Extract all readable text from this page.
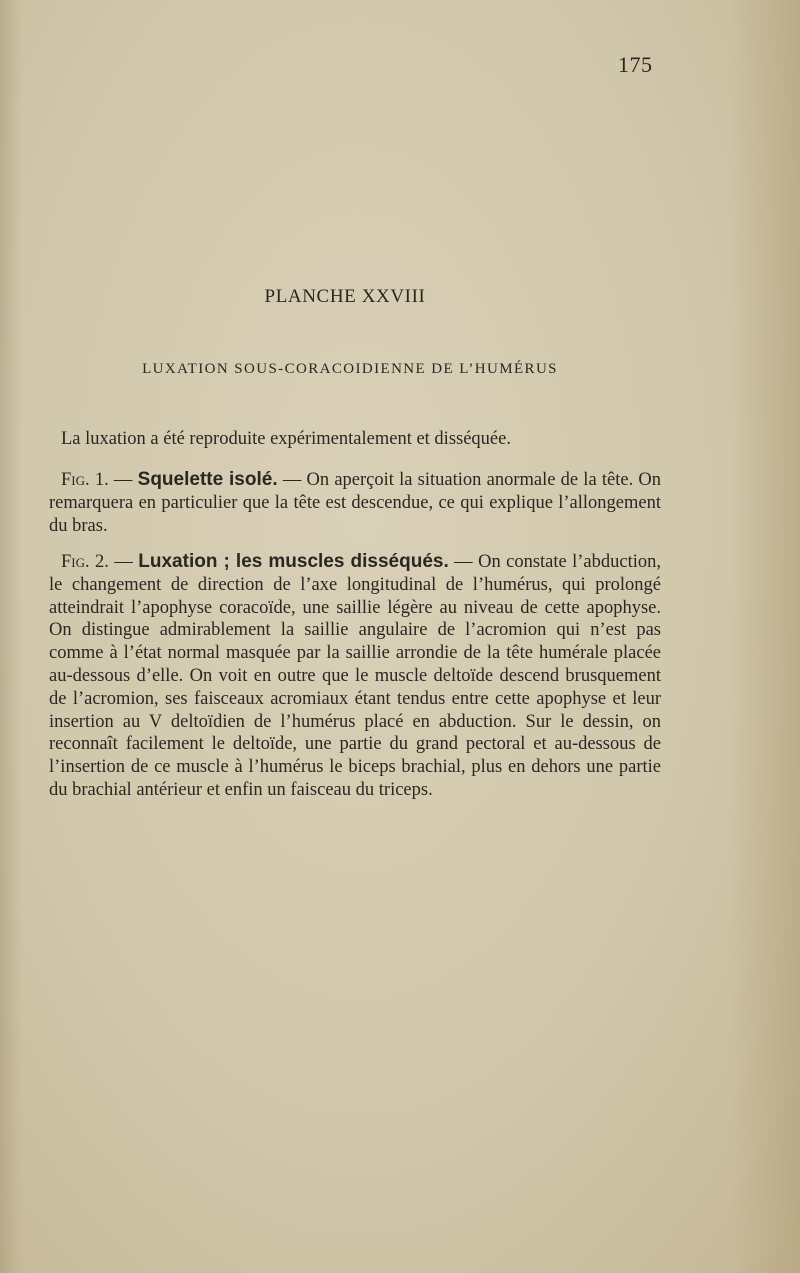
175
PLANCHE XXVIII
LUXATION SOUS-CORACOIDIENNE DE L’HUMÉRUS

La luxation a été reproduite expérimentalement et disséquée.

Fig. 1. — Squelette isolé. — On aperçoit la situation anormale de la tête. On remarquera en particulier que la tête est descendue, ce qui explique l’allongement du bras.

Fig. 2. — Luxation ; les muscles disséqués. — On constate l’abduction, le changement de direction de l’axe longitudinal de l’humérus, qui prolongé atteindrait l’apophyse coracoïde, une saillie légère au niveau de cette apophyse. On distingue admirablement la saillie angulaire de l’acromion qui n’est pas comme à l’état normal masquée par la saillie arrondie de la tête humérale placée au-dessous d’elle. On voit en outre que le muscle deltoïde descend brusquement de l’acromion, ses faisceaux acromiaux étant tendus entre cette apophyse et leur insertion au V deltoïdien de l’humérus placé en abduction. Sur le dessin, on reconnaît facilement le deltoïde, une partie du grand pectoral et au-dessous de l’insertion de ce muscle à l’humérus le biceps brachial, plus en dehors une partie du brachial antérieur et enfin un faisceau du triceps.
